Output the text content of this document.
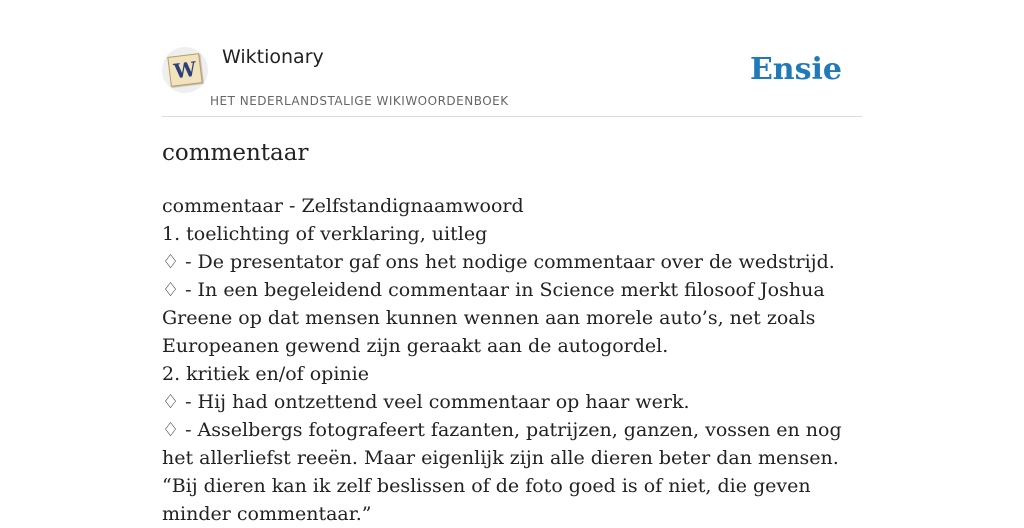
W Wiktionary
HET NEDERLANDSTALIGE WIKIWOORDENBOEK
Ensie
commentaar
commentaar - Zelfstandignaamwoord
1. toelichting of verklaring, uitleg
♢ - De presentator gaf ons het nodige commentaar over de wedstrijd.
♢ - In een begeleidend commentaar in Science merkt filosoof Joshua Greene op dat mensen kunnen wennen aan morele auto’s, net zoals Europeanen gewend zijn geraakt aan de autogordel.
2. kritiek en/of opinie
♢ - Hij had ontzettend veel commentaar op haar werk.
♢ - Asselbergs fotografeert fazanten, patrijzen, ganzen, vossen en nog het allerliefst reeën. Maar eigenlijk zijn alle dieren beter dan mensen. “Bij dieren kan ik zelf beslissen of de foto goed is of niet, die geven minder commentaar.”
